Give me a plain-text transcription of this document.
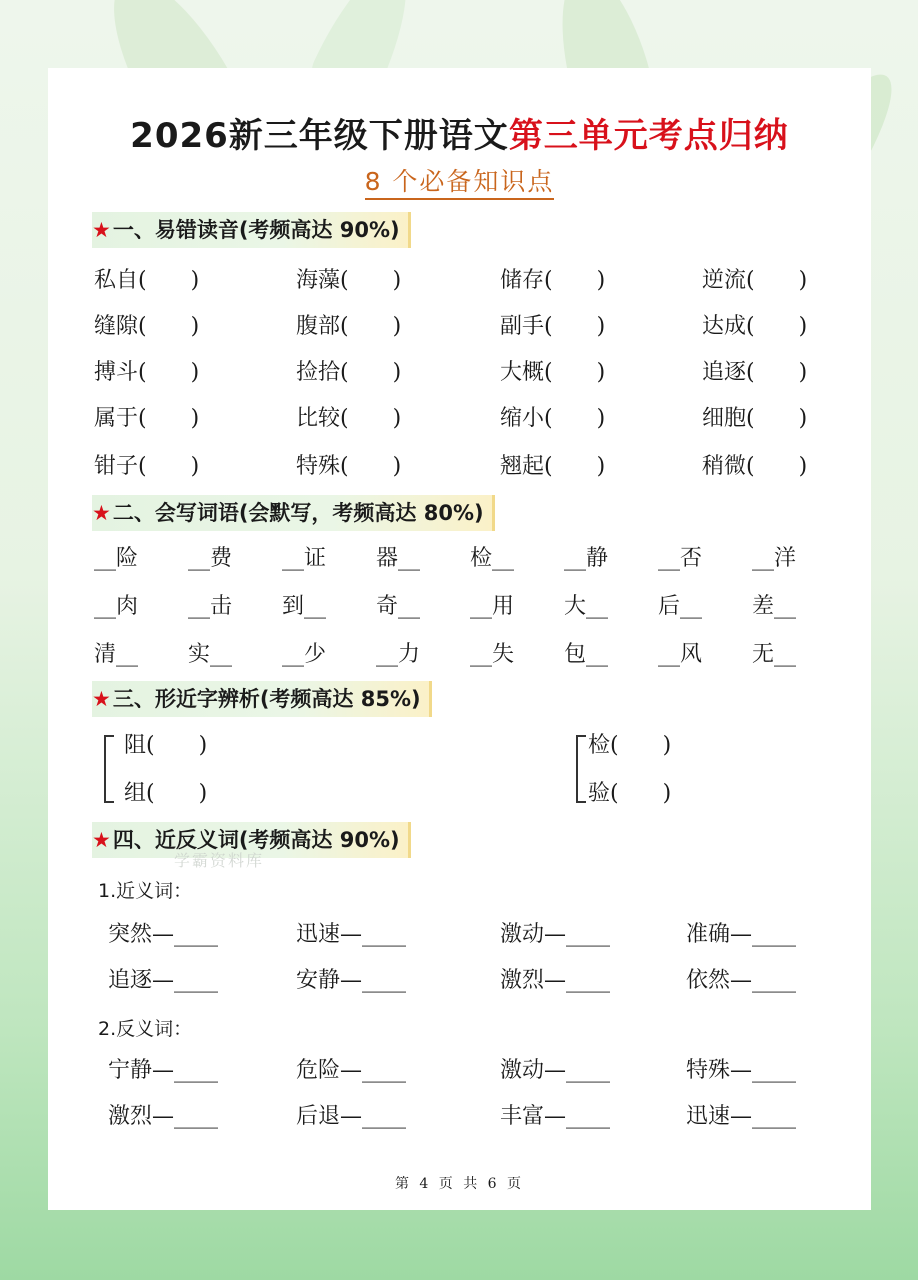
2026新三年级下册语文第三单元考点归纳
8 个必备知识点
★一、易错读音(考频高达 90%)
私自(　　)	海藻(　　)	储存(　　)	逆流(　　)
缝隙(　　)	腹部(　　)	副手(　　)	达成(　　)
搏斗(　　)	捡拾(　　)	大概(　　)	追逐(　　)
属于(　　)	比较(　　)	缩小(　　)	细胞(　　)
钳子(　　)	特殊(　　)	翘起(　　)	稍微(　　)
★二、会写词语(会默写，考频高达 80%)
__险 __费 __证 器__ 检__ __静 __否 __洋
__肉 __击 到__ 奇__ __用 大__ 后__ 差__
清__ 实__ __少 __力 __失 包__ __风 无__
★三、形近字辨析(考频高达 85%)
阻(　　)
组(　　)
检(　　)
验(　　)
★四、近反义词(考频高达 90%)
1.近义词：
突然—____	迅速—____	激动—____	准确—____
追逐—____	安静—____	激烈—____	依然—____
2.反义词：
宁静—____	危险—____	激动—____	特殊—____
激烈—____	后退—____	丰富—____	迅速—____
学霸资料库
第 4 页 共 6 页
